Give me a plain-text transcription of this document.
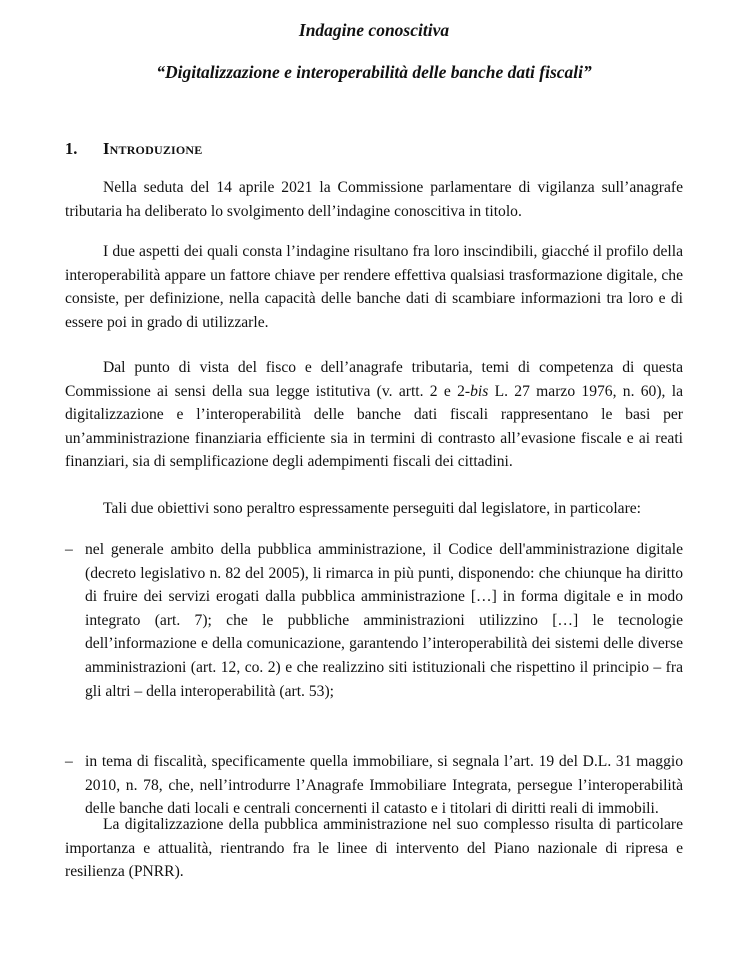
Indagine conoscitiva
“Digitalizzazione e interoperabilità delle banche dati fiscali”
1. Introduzione

Nella seduta del 14 aprile 2021 la Commissione parlamentare di vigilanza sull’anagrafe tributaria ha deliberato lo svolgimento dell’indagine conoscitiva in titolo.

I due aspetti dei quali consta l’indagine risultano fra loro inscindibili, giacché il profilo della interoperabilità appare un fattore chiave per rendere effettiva qualsiasi trasformazione digitale, che consiste, per definizione, nella capacità delle banche dati di scambiare informazioni tra loro e di essere poi in grado di utilizzarle.

Dal punto di vista del fisco e dell’anagrafe tributaria, temi di competenza di questa Commissione ai sensi della sua legge istitutiva (v. artt. 2 e 2-bis L. 27 marzo 1976, n. 60), la digitalizzazione e l’interoperabilità delle banche dati fiscali rappresentano le basi per un’amministrazione finanziaria efficiente sia in termini di contrasto all’evasione fiscale e ai reati finanziari, sia di semplificazione degli adempimenti fiscali dei cittadini.

Tali due obiettivi sono peraltro espressamente perseguiti dal legislatore, in particolare:

– nel generale ambito della pubblica amministrazione, il Codice dell'amministrazione digitale (decreto legislativo n. 82 del 2005), li rimarca in più punti, disponendo: che chiunque ha diritto di fruire dei servizi erogati dalla pubblica amministrazione […] in forma digitale e in modo integrato (art. 7); che le pubbliche amministrazioni utilizzino […] le tecnologie dell’informazione e della comunicazione, garantendo l’interoperabilità dei sistemi delle diverse amministrazioni (art. 12, co. 2) e che realizzino siti istituzionali che rispettino il principio – fra gli altri – della interoperabilità (art. 53);
– in tema di fiscalità, specificamente quella immobiliare, si segnala l’art. 19 del D.L. 31 maggio 2010, n. 78, che, nell’introdurre l’Anagrafe Immobiliare Integrata, persegue l’interoperabilità delle banche dati locali e centrali concernenti il catasto e i titolari di diritti reali di immobili.

La digitalizzazione della pubblica amministrazione nel suo complesso risulta di particolare importanza e attualità, rientrando fra le linee di intervento del Piano nazionale di ripresa e resilienza (PNRR).
